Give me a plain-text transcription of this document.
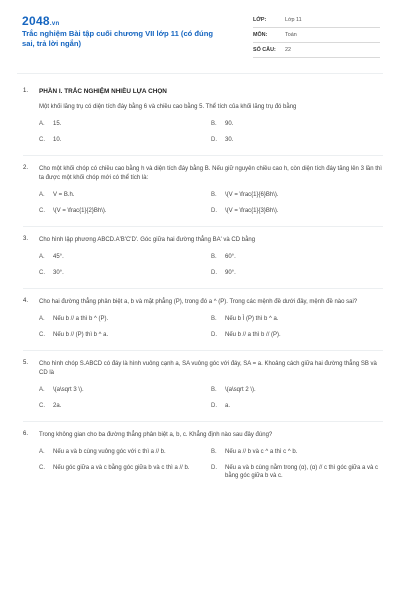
2048.vn
Trắc nghiệm Bài tập cuối chương VII lớp 11 (có đúng sai, trả lời ngắn)
LỚP:	Lớp 11
MÔN:	Toán
SỐ CÂU:	22
1. PHẦN I. TRẮC NGHIỆM NHIỀU LỰA CHỌN
Một khối lăng trụ có diện tích đáy bằng 6 và chiều cao bằng 5. Thể tích của khối lăng trụ đó bằng
A.	15.	B.	90.
C.	10.	D.	30.
2. Cho một khối chóp có chiều cao bằng h và diện tích đáy bằng B. Nếu giữ nguyên chiều cao h, còn diện tích đáy tăng lên 3 lần thì ta được một khối chóp mới có thể tích là:
A.	V = B.h.	B.	\(V = \frac{1}{6}Bh\).
C.	\(V = \frac{1}{2}Bh\).	D.	\(V = \frac{1}{3}Bh\).
3. Cho hình lập phương ABCD.A'B'C'D'. Góc giữa hai đường thẳng BA' và CD bằng
A.	45°.	B.	60°.
C.	30°.	D.	90°.
4. Cho hai đường thẳng phân biệt a, b và mặt phẳng (P), trong đó a ^ (P). Trong các mệnh đề dưới đây, mệnh đề nào sai?
A.	Nếu b // a thì b ^ (P).	B.	Nếu b Ì (P) thì b ^ a.
C.	Nếu b // (P) thì b ^ a.	D.	Nếu b // a thì b // (P).
5. Cho hình chóp S.ABCD có đáy là hình vuông cạnh a, SA vuông góc với đáy, SA = a. Khoảng cách giữa hai đường thẳng SB và CD là
A.	\(a\sqrt 3 \).	B.	\(a\sqrt 2 \).
C.	2a.	D.	a.
6. Trong không gian cho ba đường thẳng phân biệt a, b, c. Khẳng định nào sau đây đúng?
A.	Nếu a và b cùng vuông góc với c thì a // b.	B.	Nếu a // b và c ^ a thì c ^ b.
C.	Nếu góc giữa a và c bằng góc giữa b và c thì a // b.	D.	Nếu a và b cùng nằm trong (α), (α) // c thì góc giữa a và c bằng góc giữa b và c.
